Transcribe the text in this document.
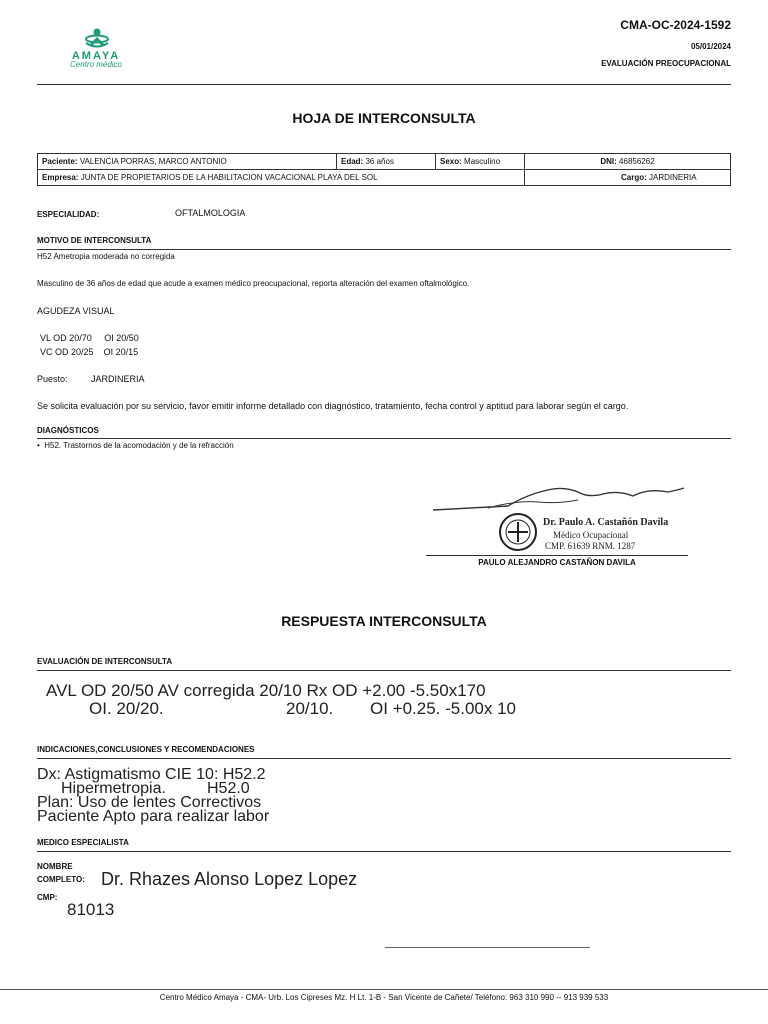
AMAYA
Centro médico
CMA-OC-2024-1592
05/01/2024
EVALUACIÓN PREOCUPACIONAL
HOJA DE INTERCONSULTA
Paciente: VALENCIA PORRAS, MARCO ANTONIO	Edad: 36 años	Sexo: Masculino	DNI: 46856262
Empresa: JUNTA DE PROPIETARIOS DE LA HABILITACION VACACIONAL PLAYA DEL SOL			Cargo: JARDINERIA
ESPECIALIDAD:	OFTALMOLOGIA
MOTIVO DE INTERCONSULTA
H52 Ametropia moderada no corregida
Masculino de 36 años de edad que acude a examen médico preocupacional, reporta alteración del examen oftalmológico.
AGUDEZA VISUAL
VL OD 20/70 OI 20/50
VC OD 20/25 OI 20/15
Puesto:	JARDINERIA
Se solicita evaluación por su servicio, favor emitir informe detallado con diagnóstico, tratamiento, fecha control y aptitud para laborar según el cargo.
DIAGNÓSTICOS
•  H52. Trastornos de la acomodación y de la refracción
Dr. Paulo A. Castañón Davila
Médico Ocupacional
CMP. 61639 RNM. 1287
PAULO ALEJANDRO CASTAÑON DAVILA
RESPUESTA INTERCONSULTA
EVALUACIÓN DE INTERCONSULTA
AVL OD 20/50 AV corregida 20/10 Rx OD +2.00 -5.50x170
OI. 20/20.	20/10. OI +0.25. -5.00x 10
INDICACIONES,CONCLUSIONES Y RECOMENDACIONES
Dx: Astigmatismo CIE 10: H52.2
Hipermetropia.	H52.0
Plan: Uso de lentes Correctivos
Paciente Apto para realizar labor
MEDICO ESPECIALISTA
NOMBRE
COMPLETO: Dr. Rhazes Alonso Lopez Lopez
CMP:
81013
Centro Médico Amaya - CMA- Urb. Los Cipreses Mz. H Lt. 1-B - San Vicente de Cañete/ Teléfono: 963 310 990 -- 913 939 533
